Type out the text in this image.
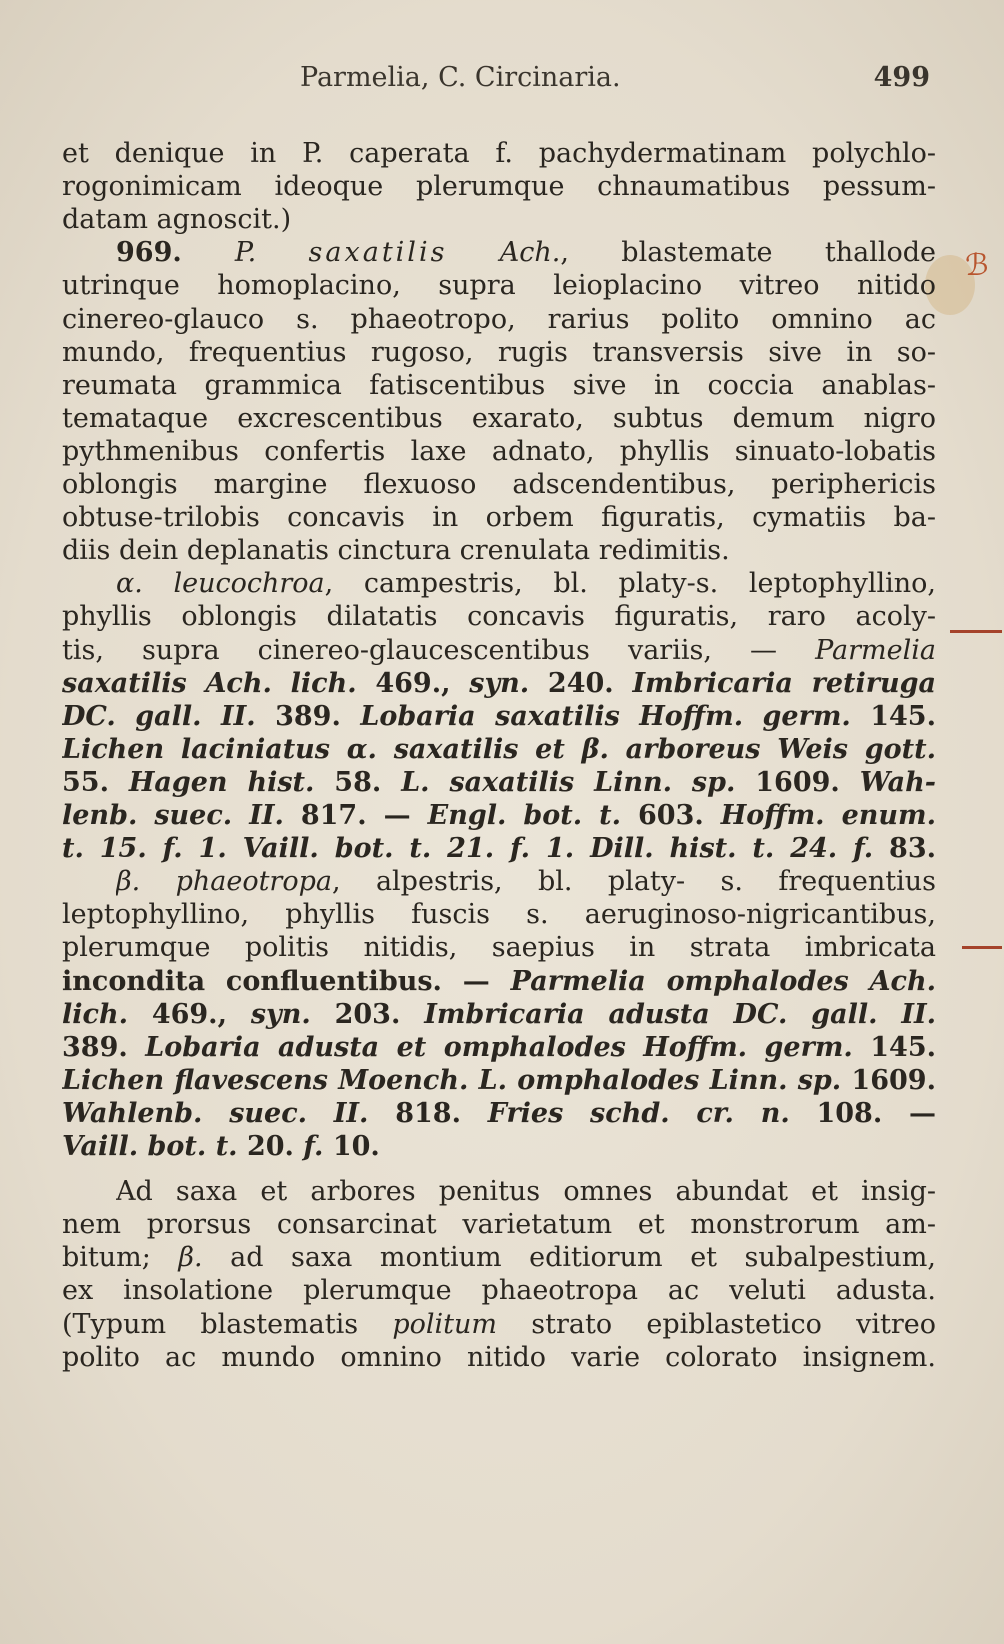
Parmelia, C. Circinaria.	499
ℬ
et denique in P. caperata f. pachydermatinam polychlo-
rogonimicam ideoque plerumque chnaumatibus pessum-
datam agnoscit.)
969. P. saxatilis Ach., blastemate thallode
utrinque homoplacino, supra leioplacino vitreo nitido
cinereo-glauco s. phaeotropo, rarius polito omnino ac
mundo, frequentius rugoso, rugis transversis sive in so-
reumata grammica fatiscentibus sive in coccia anablas-
temataque excrescentibus exarato, subtus demum nigro
pythmenibus confertis laxe adnato, phyllis sinuato-lobatis
oblongis margine flexuoso adscendentibus, periphericis
obtuse-trilobis concavis in orbem figuratis, cymatiis ba-
diis dein deplanatis cinctura crenulata redimitis.
α. leucochroa, campestris, bl. platy-s. leptophyllino,
phyllis oblongis dilatatis concavis figuratis, raro acoly-
tis, supra cinereo-glaucescentibus variis, — Parmelia
saxatilis Ach. lich. 469., syn. 240. Imbricaria retiruga
DC. gall. II. 389. Lobaria saxatilis Hoffm. germ. 145.
Lichen laciniatus α. saxatilis et β. arboreus Weis gott.
55. Hagen hist. 58. L. saxatilis Linn. sp. 1609. Wah-
lenb. suec. II. 817. — Engl. bot. t. 603. Hoffm. enum.
t. 15. f. 1. Vaill. bot. t. 21. f. 1. Dill. hist. t. 24. f. 83.
β. phaeotropa, alpestris, bl. platy- s. frequentius
leptophyllino, phyllis fuscis s. aeruginoso-nigricantibus,
plerumque politis nitidis, saepius in strata imbricata
incondita confluentibus. — Parmelia omphalodes Ach.
lich. 469., syn. 203. Imbricaria adusta DC. gall. II.
389. Lobaria adusta et omphalodes Hoffm. germ. 145.
Lichen flavescens Moench. L. omphalodes Linn. sp. 1609.
Wahlenb. suec. II. 818. Fries schd. cr. n. 108. —
Vaill. bot. t. 20. f. 10.
Ad saxa et arbores penitus omnes abundat et insig-
nem prorsus consarcinat varietatum et monstrorum am-
bitum; β. ad saxa montium editiorum et subalpestium,
ex insolatione plerumque phaeotropa ac veluti adusta.
(Typum blastematis politum strato epiblastetico vitreo
polito ac mundo omnino nitido varie colorato insignem.
